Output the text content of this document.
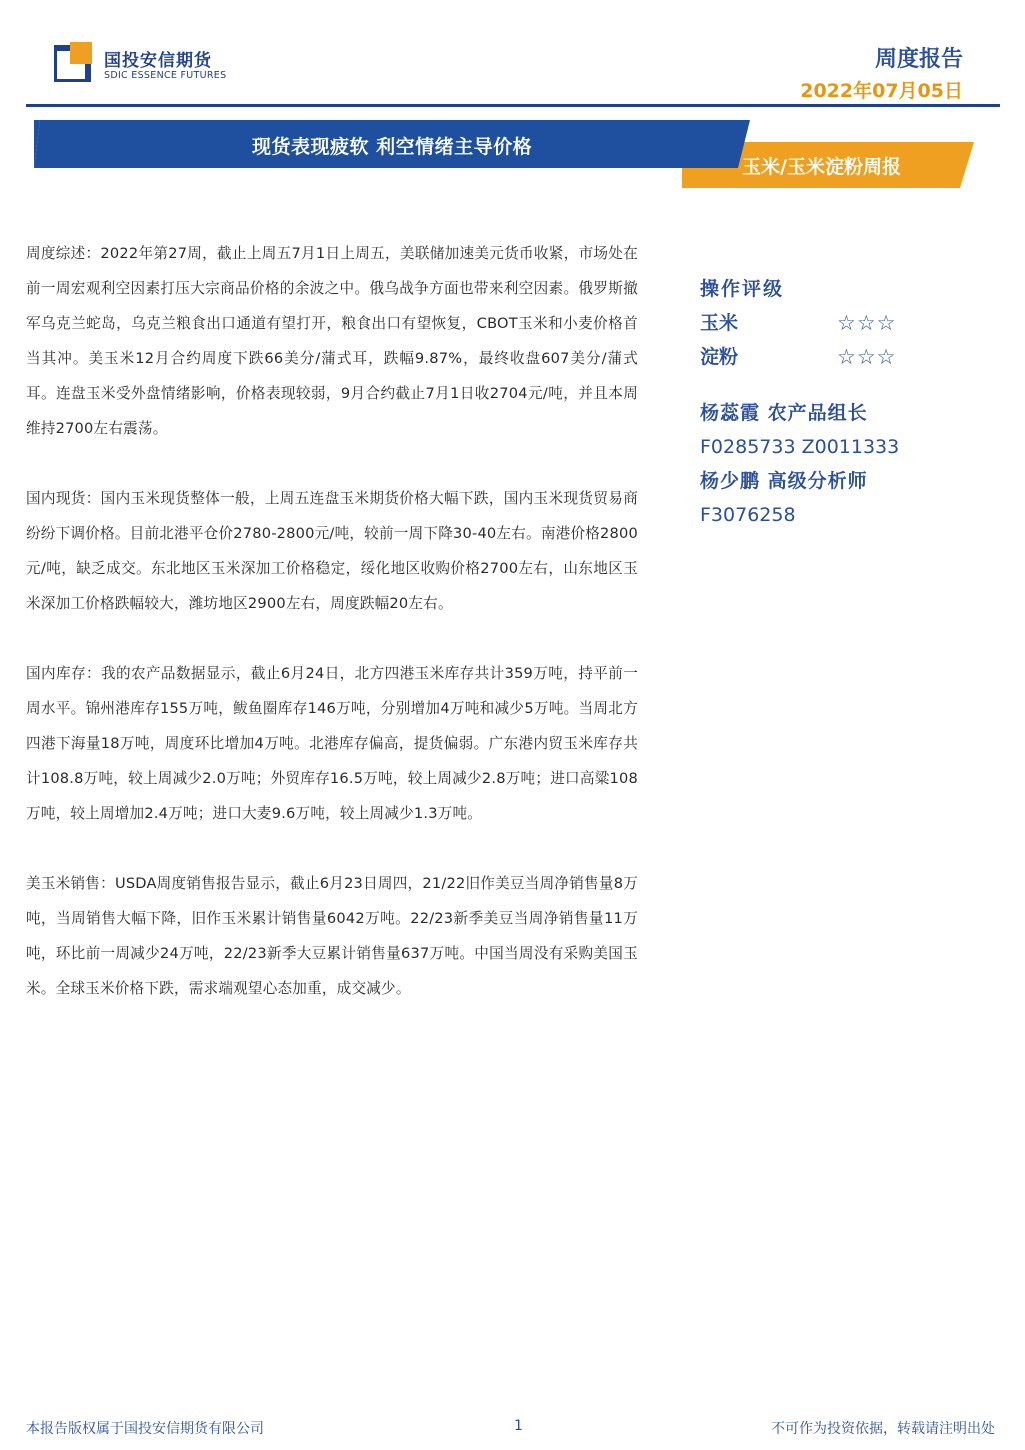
国投安信期货
SDIC ESSENCE FUTURES
周度报告
2022年07月05日
现货表现疲软 利空情绪主导价格
玉米/玉米淀粉周报

周度综述：2022年第27周，截止上周五7月1日上周五，美联储加速美元货币收紧，市场处在前一周宏观利空因素打压大宗商品价格的余波之中。俄乌战争方面也带来利空因素。俄罗斯撤军乌克兰蛇岛，乌克兰粮食出口通道有望打开，粮食出口有望恢复，CBOT玉米和小麦价格首当其冲。美玉米12月合约周度下跌66美分/蒲式耳，跌幅9.87%，最终收盘607美分/蒲式耳。连盘玉米受外盘情绪影响，价格表现较弱，9月合约截止7月1日收2704元/吨，并且本周维持2700左右震荡。

国内现货：国内玉米现货整体一般，上周五连盘玉米期货价格大幅下跌，国内玉米现货贸易商纷纷下调价格。目前北港平仓价2780-2800元/吨，较前一周下降30-40左右。南港价格2800元/吨，缺乏成交。东北地区玉米深加工价格稳定，绥化地区收购价格2700左右，山东地区玉米深加工价格跌幅较大，潍坊地区2900左右，周度跌幅20左右。

国内库存：我的农产品数据显示，截止6月24日，北方四港玉米库存共计359万吨，持平前一周水平。锦州港库存155万吨，鲅鱼圈库存146万吨，分别增加4万吨和减少5万吨。当周北方四港下海量18万吨，周度环比增加4万吨。北港库存偏高，提货偏弱。广东港内贸玉米库存共计108.8万吨，较上周减少2.0万吨；外贸库存16.5万吨，较上周减少2.8万吨；进口高粱108万吨，较上周增加2.4万吨；进口大麦9.6万吨，较上周减少1.3万吨。

美玉米销售：USDA周度销售报告显示，截止6月23日周四，21/22旧作美豆当周净销售量8万吨，当周销售大幅下降，旧作玉米累计销售量6042万吨。22/23新季美豆当周净销售量11万吨，环比前一周减少24万吨，22/23新季大豆累计销售量637万吨。中国当周没有采购美国玉米。全球玉米价格下跌，需求端观望心态加重，成交减少。

操作评级
玉米	☆☆☆
淀粉	☆☆☆
杨蕊霞 农产品组长
F0285733 Z0011333
杨少鹏 高级分析师
F3076258
本报告版权属于国投安信期货有限公司	1	不可作为投资依据，转载请注明出处
